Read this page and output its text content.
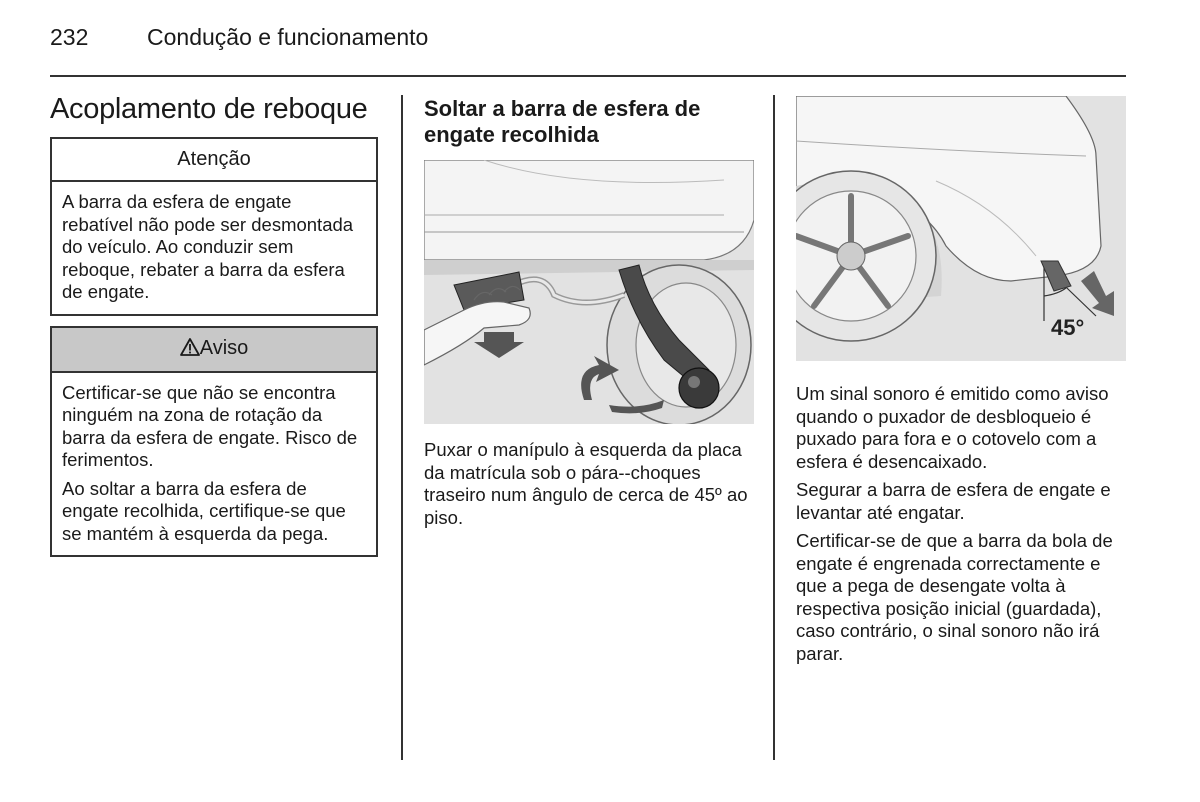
232	Condução e funcionamento
Acoplamento de reboque
Atenção

A barra da esfera de engate rebatível não pode ser desmontada do veículo. Ao conduzir sem reboque, rebater a barra da esfera de engate.

Aviso

Certificar-se que não se encontra ninguém na zona de rotação da barra da esfera de engate. Risco de ferimentos.

Ao soltar a barra da esfera de engate recolhida, certifique-se que se mantém à esquerda da pega.

Soltar a barra de esfera de engate recolhida

Puxar o manípulo à esquerda da placa da matrícula sob o pára--choques traseiro num ângulo de cerca de 45º ao piso.

45°

Um sinal sonoro é emitido como aviso quando o puxador de desbloqueio é puxado para fora e o cotovelo com a esfera é desencaixado.

Segurar a barra de esfera de engate e levantar até engatar.

Certificar-se de que a barra da bola de engate é engrenada correctamente e que a pega de desengate volta à respectiva posição inicial (guardada), caso contrário, o sinal sonoro não irá parar.
